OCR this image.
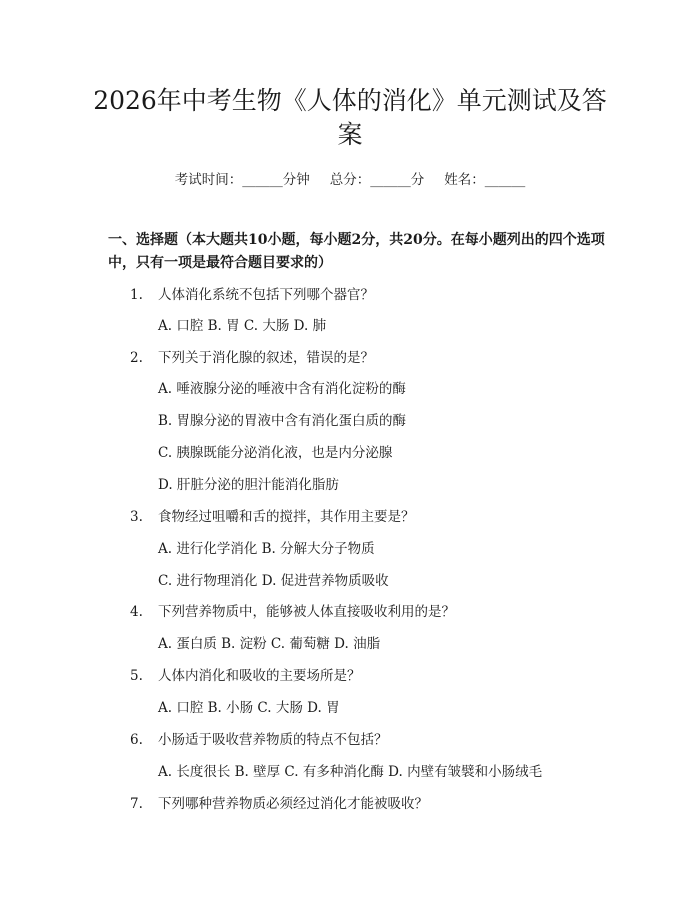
2026年中考生物《人体的消化》单元测试及答案
考试时间：______分钟 总分：______分 姓名：______

一、选择题（本大题共10小题，每小题2分，共20分。在每小题列出的四个选项中，只有一项是最符合题目要求的）

1. 人体消化系统不包括下列哪个器官？
A. 口腔 B. 胃 C. 大肠 D. 肺
2. 下列关于消化腺的叙述，错误的是？
A. 唾液腺分泌的唾液中含有消化淀粉的酶
B. 胃腺分泌的胃液中含有消化蛋白质的酶
C. 胰腺既能分泌消化液，也是内分泌腺
D. 肝脏分泌的胆汁能消化脂肪
3. 食物经过咀嚼和舌的搅拌，其作用主要是？
A. 进行化学消化 B. 分解大分子物质
C. 进行物理消化 D. 促进营养物质吸收
4. 下列营养物质中，能够被人体直接吸收利用的是？
A. 蛋白质 B. 淀粉 C. 葡萄糖 D. 油脂
5. 人体内消化和吸收的主要场所是？
A. 口腔 B. 小肠 C. 大肠 D. 胃
6. 小肠适于吸收营养物质的特点不包括？
A. 长度很长 B. 壁厚 C. 有多种消化酶 D. 内壁有皱襞和小肠绒毛
7. 下列哪种营养物质必须经过消化才能被吸收？
